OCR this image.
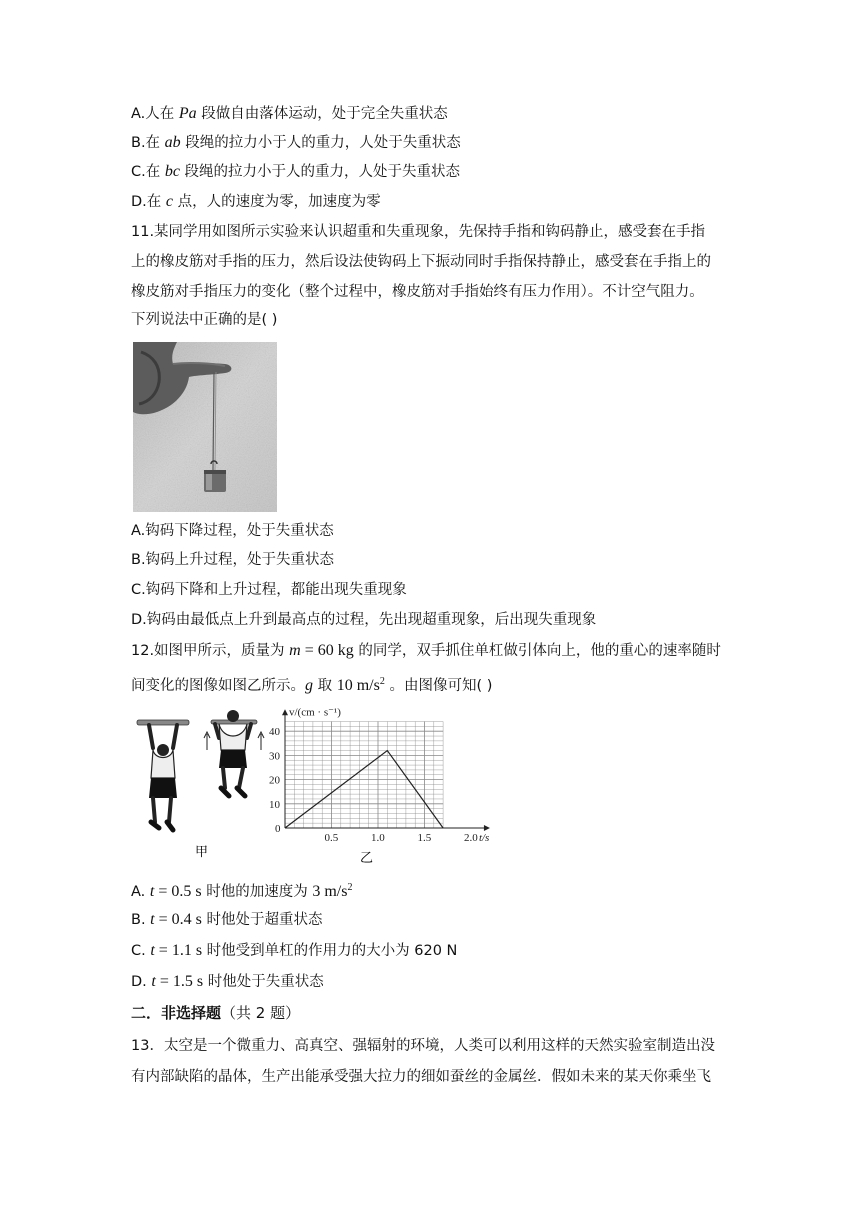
A.人在 Pa 段做自由落体运动，处于完全失重状态
B.在 ab 段绳的拉力小于人的重力，人处于失重状态
C.在 bc 段绳的拉力小于人的重力，人处于失重状态
D.在 c 点，人的速度为零，加速度为零
11.某同学用如图所示实验来认识超重和失重现象，先保持手指和钩码静止，感受套在手指
上的橡皮筋对手指的压力，然后设法使钩码上下振动同时手指保持静止，感受套在手指上的
橡皮筋对手指压力的变化（整个过程中，橡皮筋对手指始终有压力作用）。不计空气阻力。
下列说法中正确的是( )
A.钩码下降过程，处于失重状态
B.钩码上升过程，处于失重状态
C.钩码下降和上升过程，都能出现失重现象
D.钩码由最低点上升到最高点的过程，先出现超重现象，后出现失重现象
12.如图甲所示，质量为 m = 60 kg 的同学，双手抓住单杠做引体向上，他的重心的速率随时
间变化的图像如图乙所示。g 取 10 $m/s^2$ 。由图像可知( )
甲	乙
0.5	1.0	1.5	2.0
0
10
20
30
40
t/s
v/(cm · s⁻¹)
A. t = 0.5 s 时他的加速度为 3 $m/s^2$
B. t = 0.4 s 时他处于超重状态
C. t = 1.1 s 时他受到单杠的作用力的大小为 620 N
D. t = 1.5 s 时他处于失重状态
二．非选择题（共 2 题）
13．太空是一个微重力、高真空、强辐射的环境，人类可以利用这样的天然实验室制造出没
有内部缺陷的晶体，生产出能承受强大拉力的细如蚕丝的金属丝．假如未来的某天你乘坐飞
